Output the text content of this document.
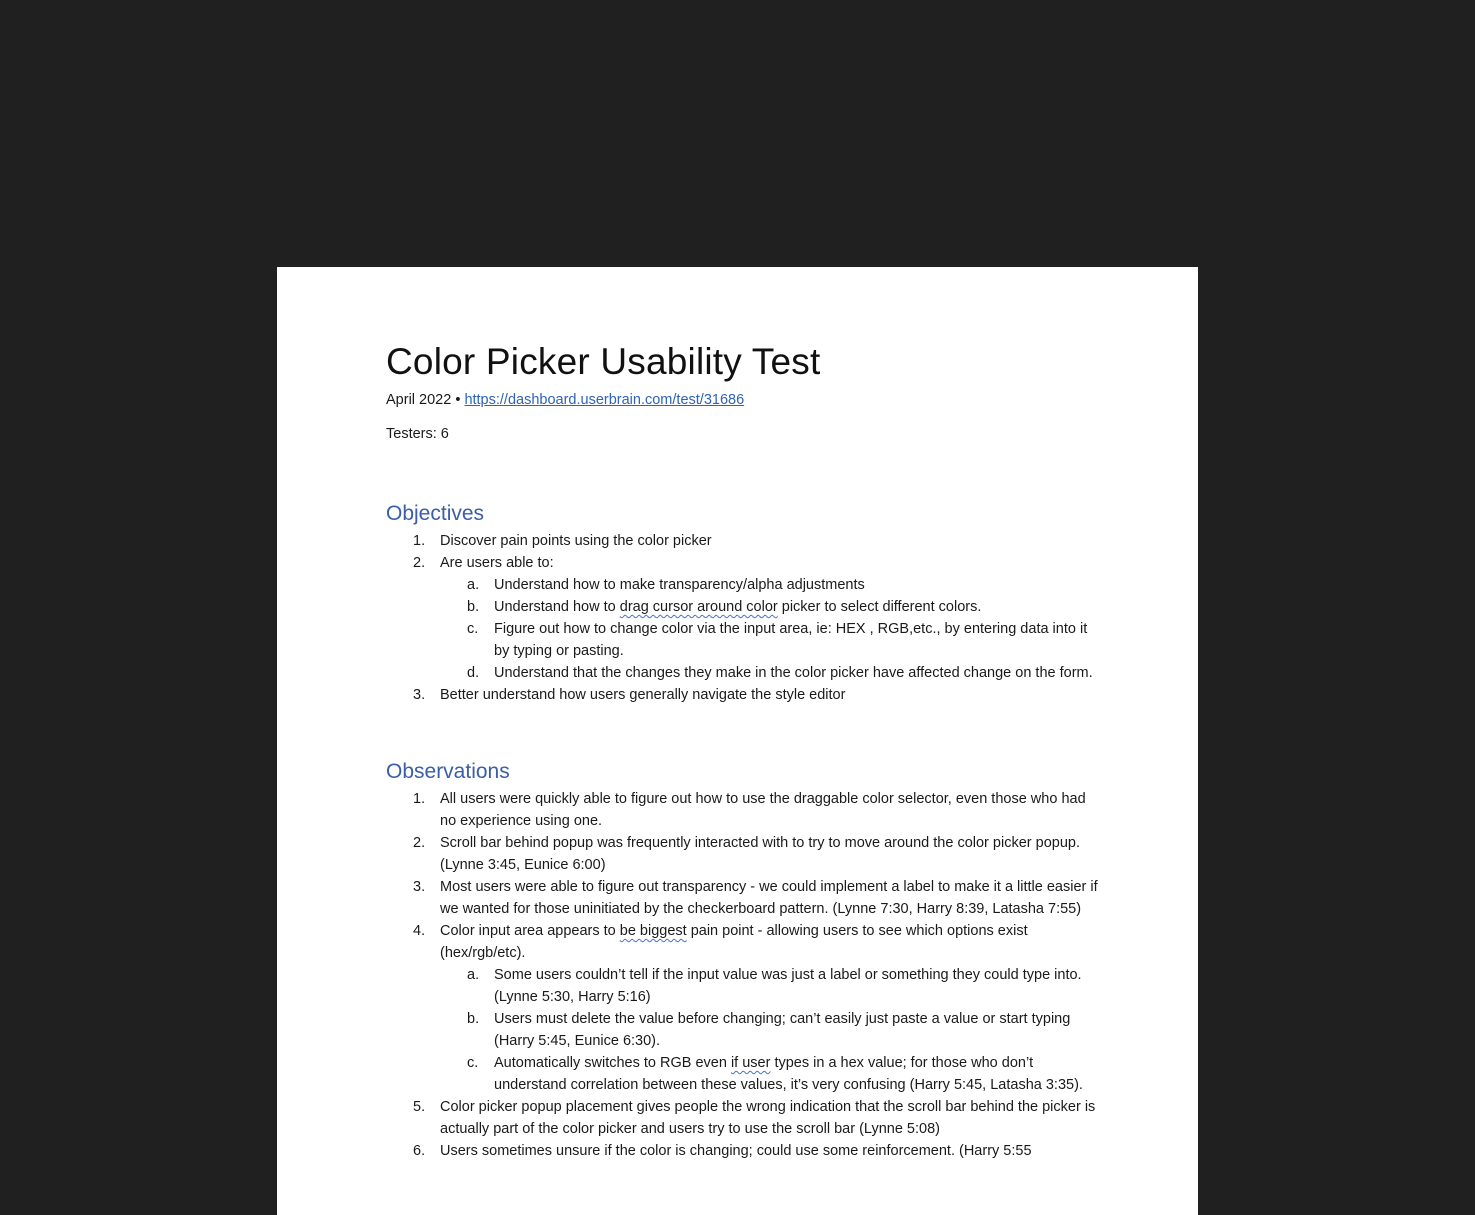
Color Picker Usability Test
April 2022 • https://dashboard.userbrain.com/test/31686
Testers: 6
Objectives
1. Discover pain points using the color picker
2. Are users able to:
a. Understand how to make transparency/alpha adjustments
b. Understand how to drag cursor around color picker to select different colors.
c. Figure out how to change color via the input area, ie: HEX , RGB,etc., by entering data into it by typing or pasting.
d. Understand that the changes they make in the color picker have affected change on the form.
3. Better understand how users generally navigate the style editor
Observations
1. All users were quickly able to figure out how to use the draggable color selector, even those who had no experience using one.
2. Scroll bar behind popup was frequently interacted with to try to move around the color picker popup. (Lynne 3:45, Eunice 6:00)
3. Most users were able to figure out transparency - we could implement a label to make it a little easier if we wanted for those uninitiated by the checkerboard pattern. (Lynne 7:30, Harry 8:39, Latasha 7:55)
4. Color input area appears to be biggest pain point - allowing users to see which options exist (hex/rgb/etc).
a. Some users couldn’t tell if the input value was just a label or something they could type into. (Lynne 5:30, Harry 5:16)
b. Users must delete the value before changing; can’t easily just paste a value or start typing (Harry 5:45, Eunice 6:30).
c. Automatically switches to RGB even if user types in a hex value; for those who don’t understand correlation between these values, it’s very confusing (Harry 5:45, Latasha 3:35).
5. Color picker popup placement gives people the wrong indication that the scroll bar behind the picker is actually part of the color picker and users try to use the scroll bar (Lynne 5:08)
6. Users sometimes unsure if the color is changing; could use some reinforcement. (Harry 5:55
